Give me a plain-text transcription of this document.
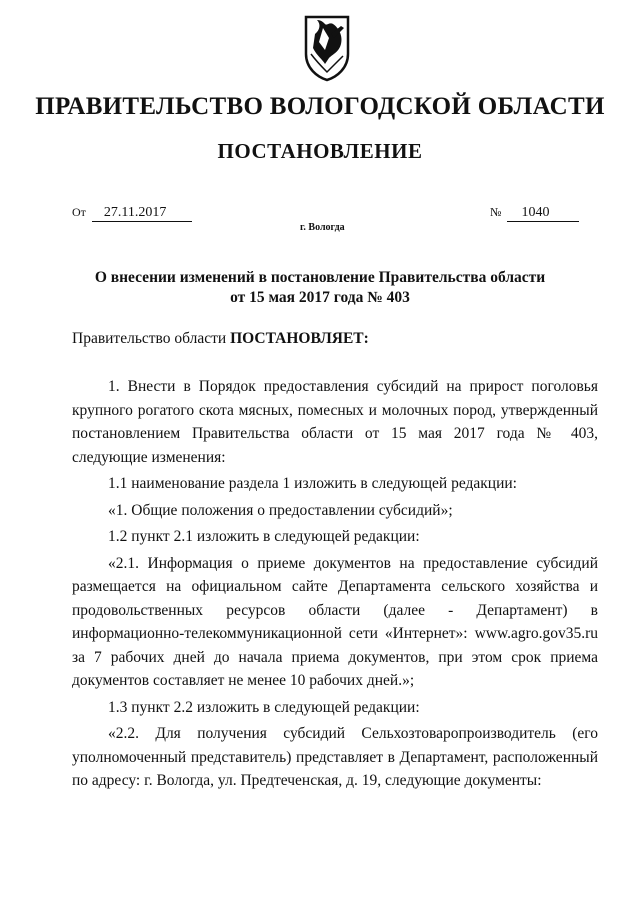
ПРАВИТЕЛЬСТВО ВОЛОГОДСКОЙ ОБЛАСТИ
ПОСТАНОВЛЕНИЕ
От 27.11.2017	№ 1040
г. Вологда
О внесении изменений в постановление Правительства области
от 15 мая 2017 года № 403

Правительство области ПОСТАНОВЛЯЕТ:

1. Внести в Порядок предоставления субсидий на прирост поголовья крупного рогатого скота мясных, помесных и молочных пород, утвержденный постановлением Правительства области от 15 мая 2017 года № 403, следующие изменения:

1.1 наименование раздела 1 изложить в следующей редакции:

«1. Общие положения о предоставлении субсидий»;

1.2 пункт 2.1 изложить в следующей редакции:

«2.1. Информация о приеме документов на предоставление субсидий размещается на официальном сайте Департамента сельского хозяйства и продовольственных ресурсов области (далее - Департамент) в информационно-телекоммуникационной сети «Интернет»: www.agro.gov35.ru за 7 рабочих дней до начала приема документов, при этом срок приема документов составляет не менее 10 рабочих дней.»;

1.3 пункт 2.2 изложить в следующей редакции:

«2.2. Для получения субсидий Сельхозтоваропроизводитель (его уполномоченный представитель) представляет в Департамент, расположенный по адресу: г. Вологда, ул. Предтеченская, д. 19, следующие документы:
